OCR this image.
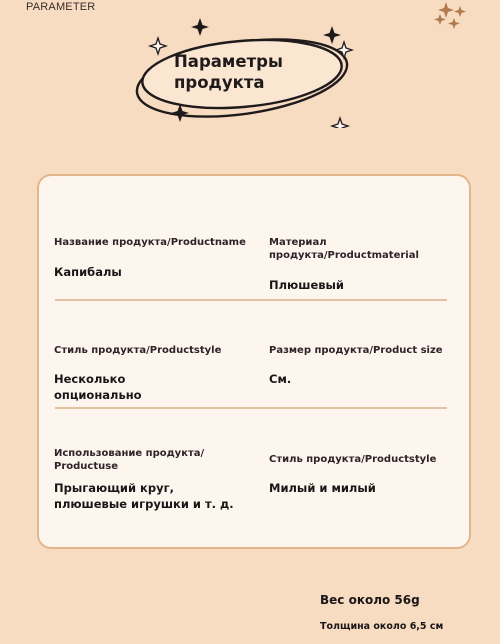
PARAMETER
Параметры
продукта
Название продукта/Productname
Капибалы
Материал продукта/Productmaterial
Плюшевый
Стиль продукта/Productstyle
Несколько
опционально
Размер продукта/Product size
См.
Использование продукта/
Productuse
Прыгающий круг,
плюшевые игрушки и т. д.
Стиль продукта/Productstyle
Милый и милый
Вес около 56g
Толщина около 6,5 см
